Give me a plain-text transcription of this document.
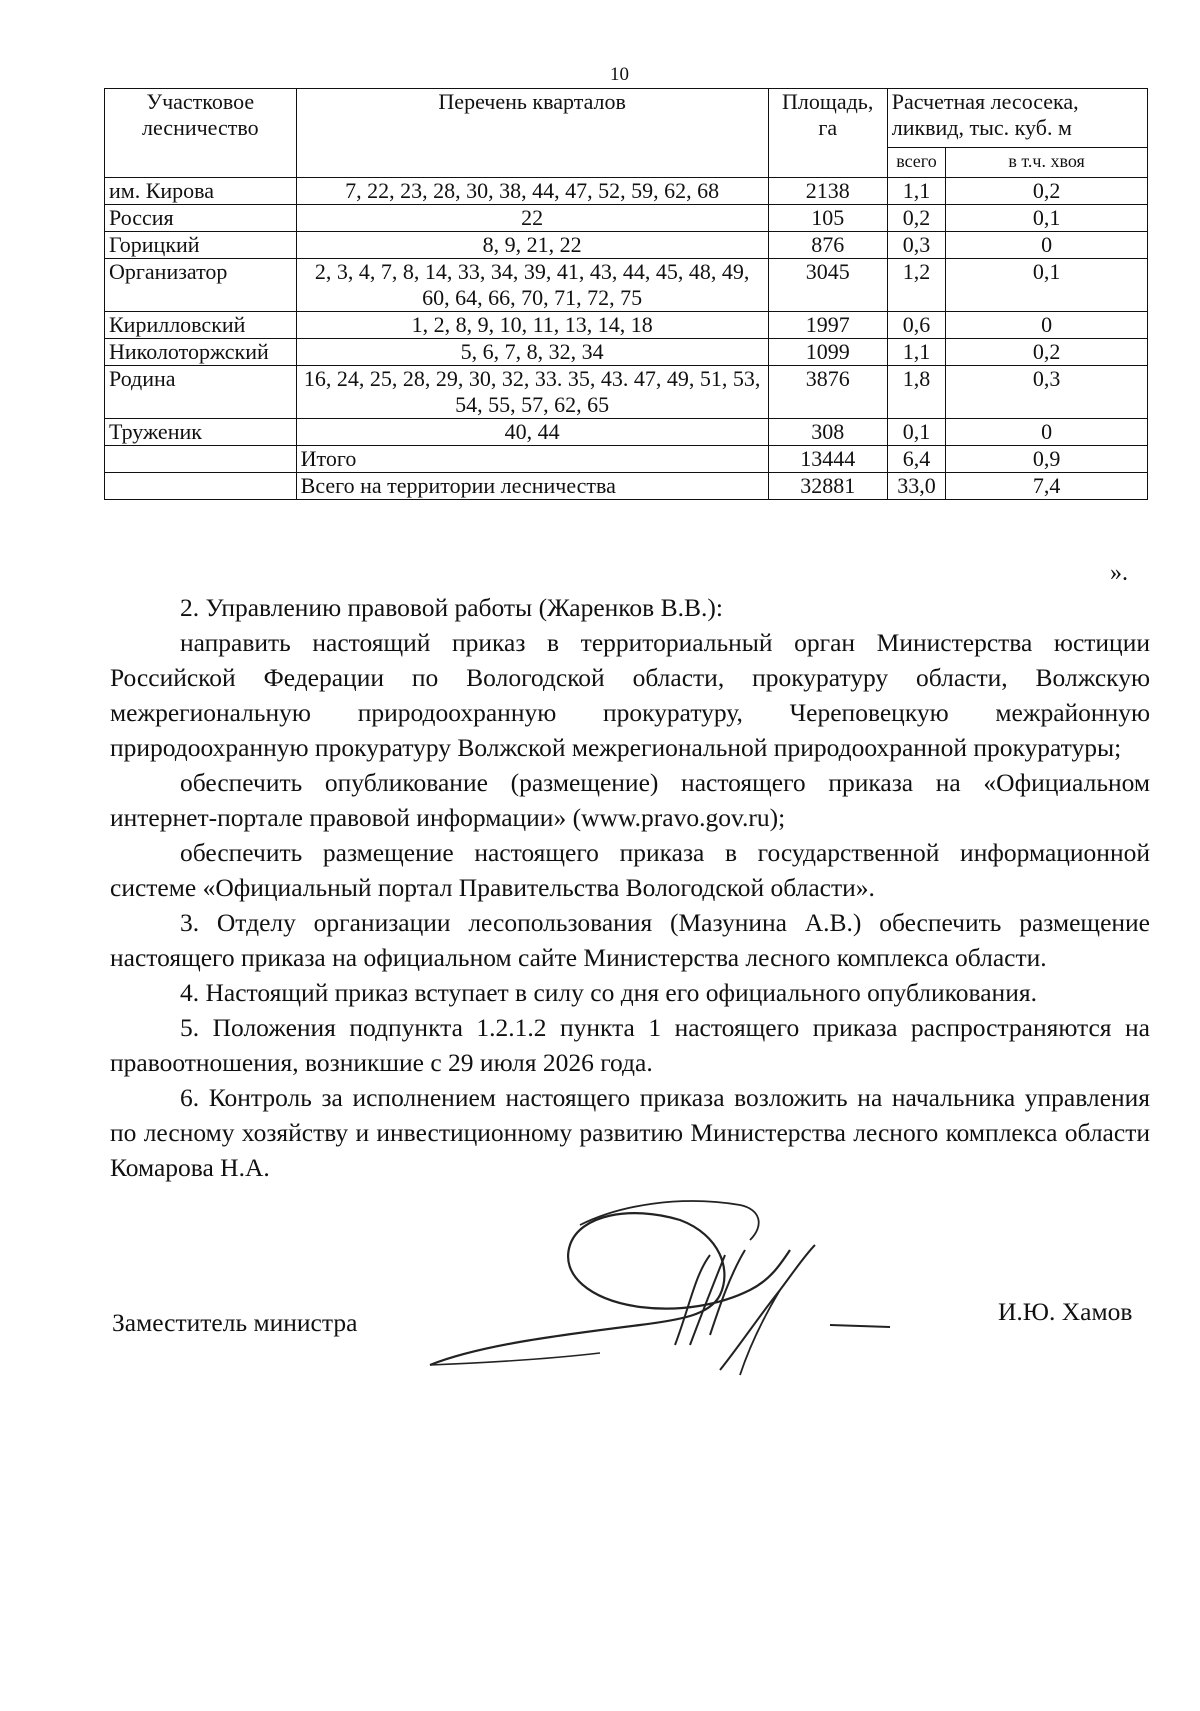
10
Участковое лесничество	Перечень кварталов	Площадь, га	Расчетная лесосека, ликвид, тыс. куб. м	
			всего	в т.ч. хвоя
им. Кирова	7, 22, 23, 28, 30, 38, 44, 47, 52, 59, 62, 68	2138	1,1	0,2
Россия	22	105	0,2	0,1
Горицкий	8, 9, 21, 22	876	0,3	0
Организатор	2, 3, 4, 7, 8, 14, 33, 34, 39, 41, 43, 44, 45, 48, 49, 60, 64, 66, 70, 71, 72, 75	3045	1,2	0,1
Кирилловский	1, 2, 8, 9, 10, 11, 13, 14, 18	1997	0,6	0
Николоторжский	5, 6, 7, 8, 32, 34	1099	1,1	0,2
Родина	16, 24, 25, 28, 29, 30, 32, 33. 35, 43. 47, 49, 51, 53, 54, 55, 57, 62, 65	3876	1,8	0,3
Труженик	40, 44	308	0,1	0
	Итого	13444	6,4	0,9
	Всего на территории лесничества	32881	33,0	7,4
».

2. Управлению правовой работы (Жаренков В.В.):

направить настоящий приказ в территориальный орган Министерства юстиции Российской Федерации по Вологодской области, прокуратуру области, Волжскую межрегиональную природоохранную прокуратуру, Череповецкую межрайонную природоохранную прокуратуру Волжской межрегиональной природоохранной прокуратуры;

обеспечить опубликование (размещение) настоящего приказа на «Официальном интернет-портале правовой информации» (www.pravo.gov.ru);

обеспечить размещение настоящего приказа в государственной информационной системе «Официальный портал Правительства Вологодской области».

3. Отделу организации лесопользования (Мазунина А.В.) обеспечить размещение настоящего приказа на официальном сайте Министерства лесного комплекса области.

4. Настоящий приказ вступает в силу со дня его официального опубликования.

5. Положения подпункта 1.2.1.2 пункта 1 настоящего приказа распространяются на правоотношения, возникшие с 29 июля 2026 года.

6. Контроль за исполнением настоящего приказа возложить на начальника управления по лесному хозяйству и инвестиционному развитию Министерства лесного комплекса области Комарова Н.А.

Заместитель министра	И.Ю. Хамов
